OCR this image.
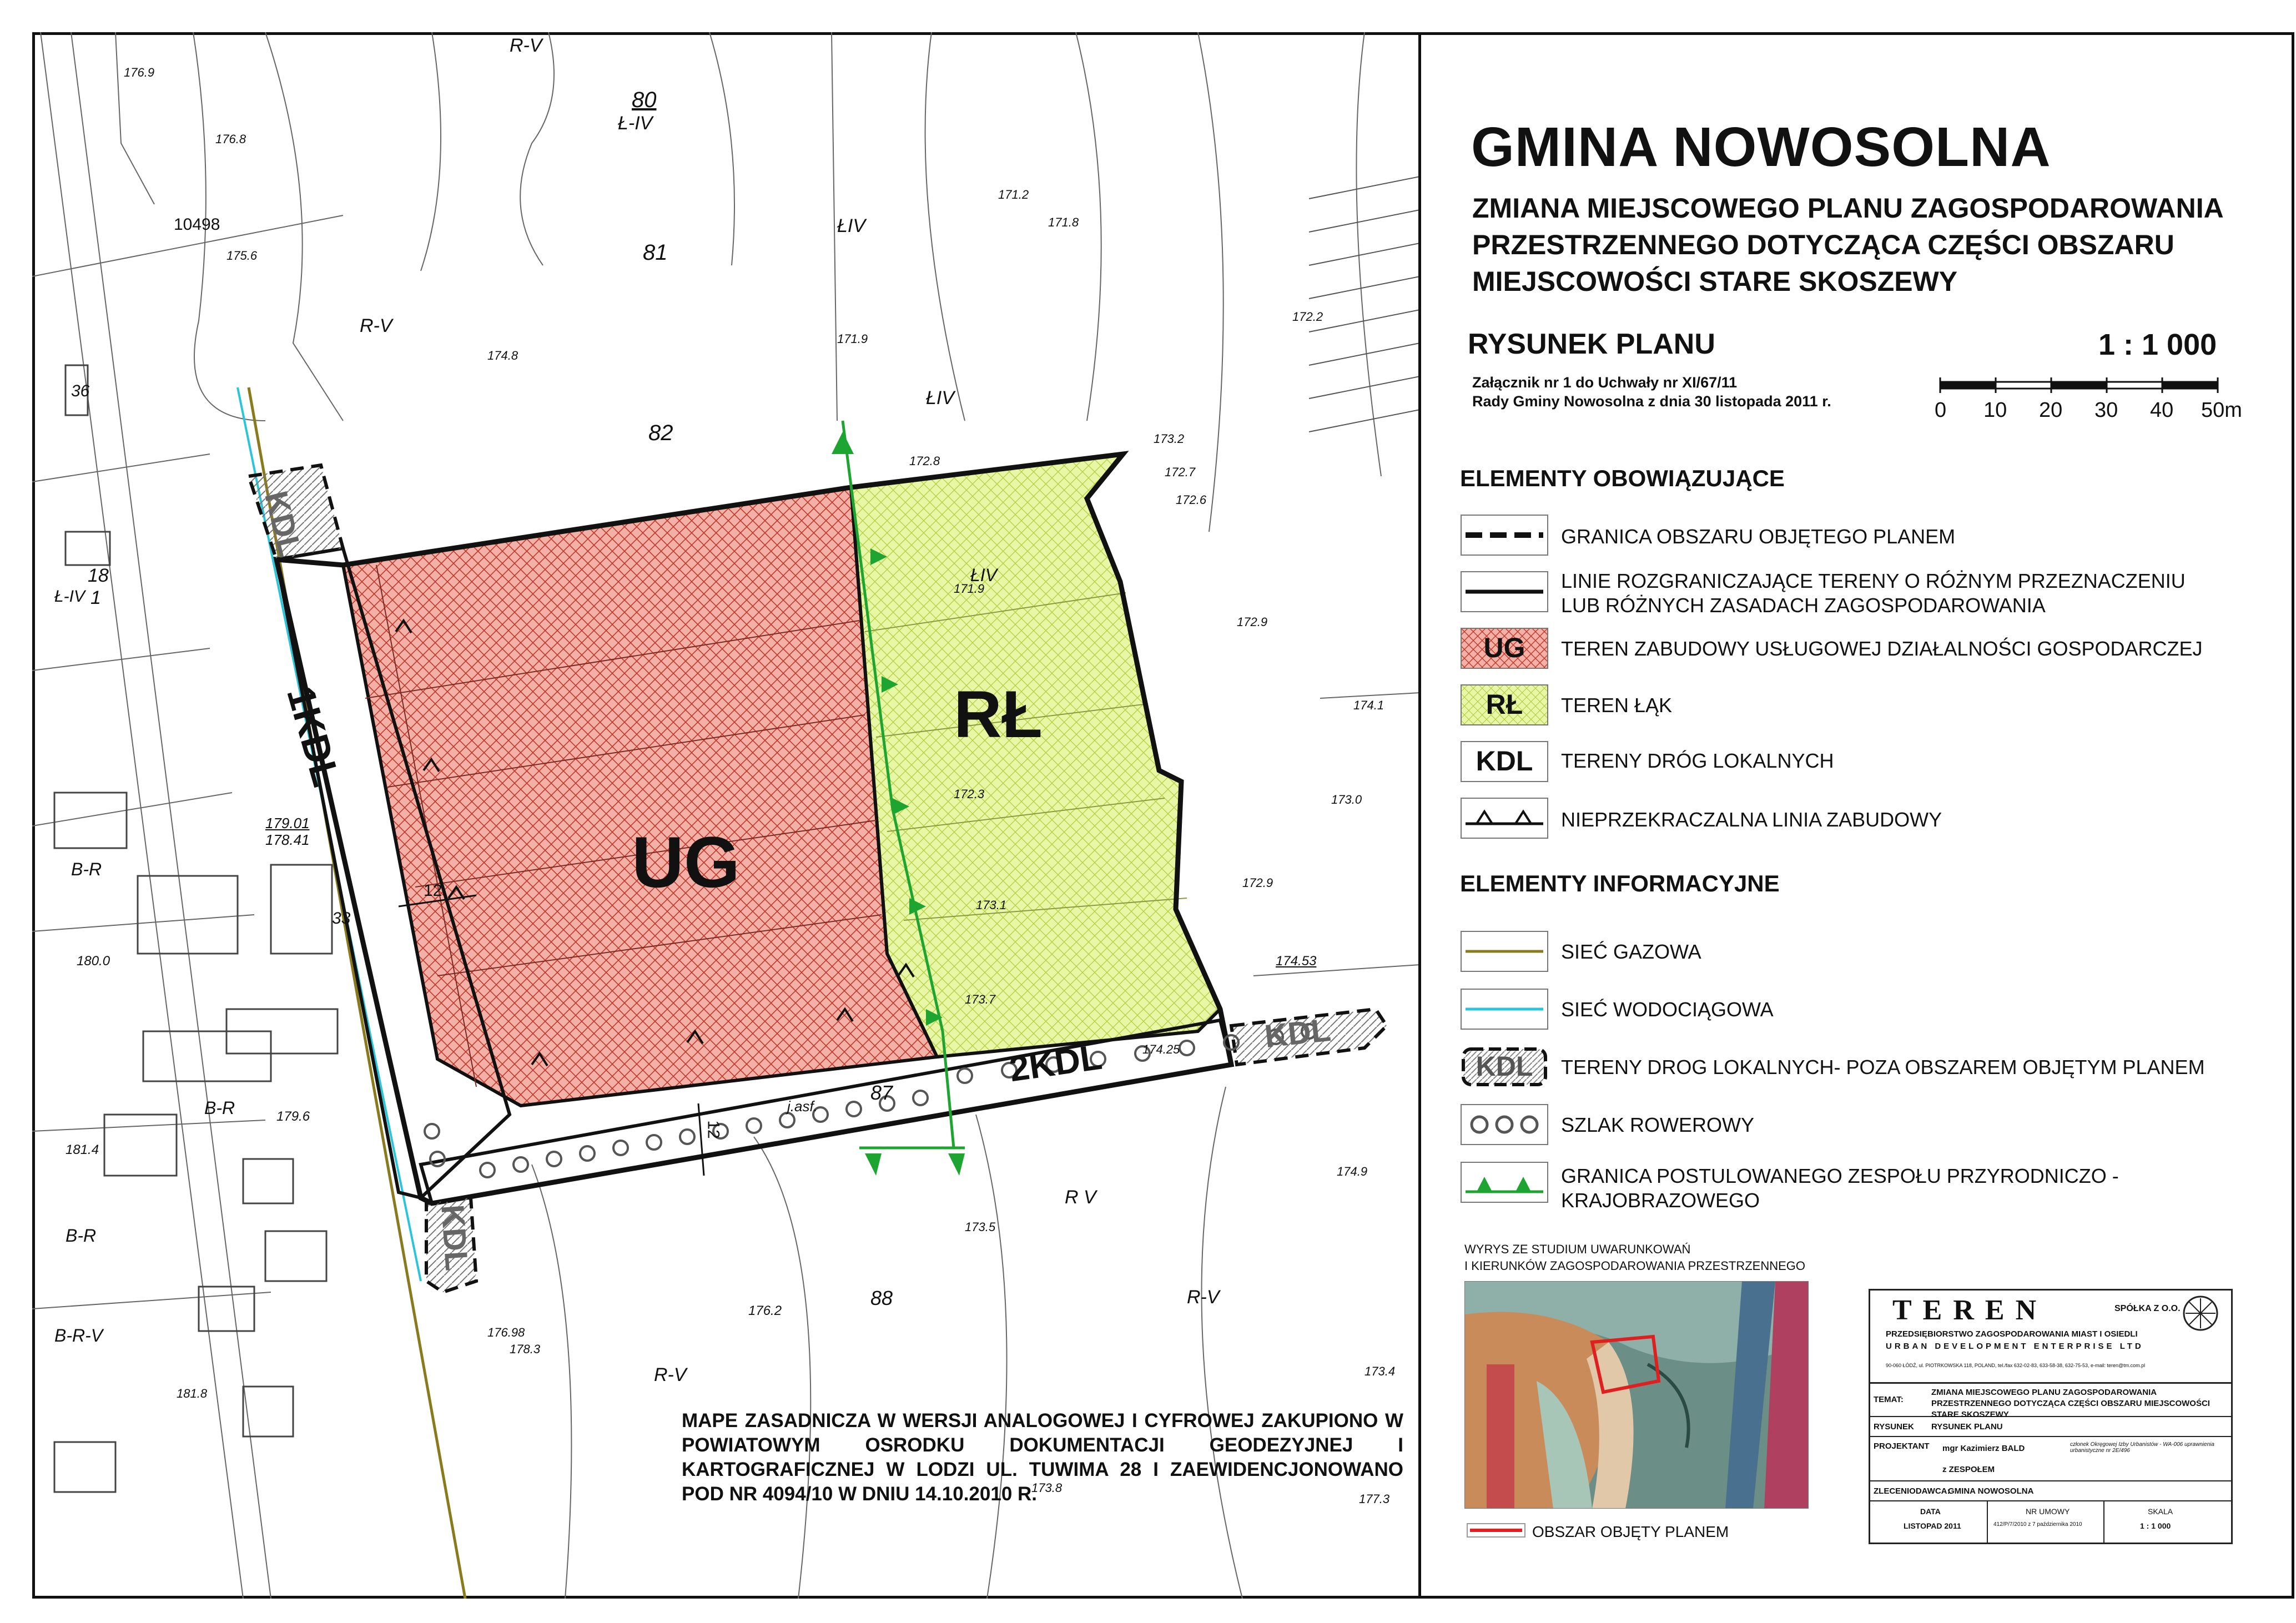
UG
RŁ
1KDL
2KDL
KDL
KDL
KDL
12
12
j.asf.
10498
80
81
82
87
88
18
1
36
33
R-V
Ł-IV
ŁIV
R-V
ŁIV
R V
R-V
R-V
B-R
B-R
B-R
B-R-V
Ł-IV
ŁIV
176.9
176.8
175.6
174.8
171.9
171.8
172.2
173.2
173.0
174.1
172.9
172.8
179.01
178.41
180.0
181.4
179.6
176.2
174.53
174.25
172.9
171.9
173.5
172.3
174.9
173.1
173.7
176.98
178.3
181.8
177.3
173.4
173.8
172.7
172.6
171.2
MAPE ZASADNICZA W WERSJI ANALOGOWEJ I CYFROWEJ ZAKUPIONO W POWIATOWYM OSRODKU DOKUMENTACJI GEODEZYJNEJ I KARTOGRAFICZNEJ W LODZI UL. TUWIMA 28 I ZAEWIDENCJONOWANO POD NR 4094/10 W DNIU 14.10.2010 R.
GMINA NOWOSOLNA
ZMIANA MIEJSCOWEGO PLANU ZAGOSPODAROWANIA
PRZESTRZENNEGO DOTYCZĄCA CZĘŚCI OBSZARU
MIEJSCOWOŚCI STARE SKOSZEWY
RYSUNEK PLANU	1 : 1 000
Załącznik nr 1 do Uchwały nr XI/67/11
Rady Gminy Nowosolna z dnia 30 listopada 2011 r.	0 10 20 30 40 50m
ELEMENTY OBOWIĄZUJĄCE
GRANICA OBSZARU OBJĘTEGO PLANEM
LINIE ROZGRANICZAJĄCE TERENY O RÓŻNYM PRZEZNACZENIU
LUB RÓŻNYCH ZASADACH ZAGOSPODAROWANIA
UG	TEREN ZABUDOWY USŁUGOWEJ DZIAŁALNOŚCI GOSPODARCZEJ
RŁ	TEREN ŁĄK
KDL	TERENY DRÓG LOKALNYCH
NIEPRZEKRACZALNA LINIA ZABUDOWY
ELEMENTY INFORMACYJNE
SIEĆ GAZOWA
SIEĆ WODOCIĄGOWA
KDL	TERENY DROG LOKALNYCH- POZA OBSZAREM OBJĘTYM PLANEM
SZLAK ROWEROWY
GRANICA POSTULOWANEGO ZESPOŁU PRZYRODNICZO -
KRAJOBRAZOWEGO
WYRYS ZE STUDIUM UWARUNKOWAŃ
I KIERUNKÓW ZAGOSPODAROWANIA PRZESTRZENNEGO
OBSZAR OBJĘTY PLANEM
TEREN	SPÓŁKA Z O.O.
PRZEDSIĘBIORSTWO ZAGOSPODAROWANIA MIAST I OSIEDLI
URBAN DEVELOPMENT ENTERPRISE LTD
90-060 ŁÓDŹ, ul. PIOTRKOWSKA 118, POLAND, tel./fax 632-02-83, 633-58-38, 632-75-53, e-mail: teren@tm.com.pl
TEMAT:
ZMIANA MIEJSCOWEGO PLANU ZAGOSPODAROWANIA PRZESTRZENNEGO DOTYCZĄCA CZĘŚCI OBSZARU MIEJSCOWOŚCI STARE SKOSZEWY
RYSUNEK RYSUNEK PLANU
PROJEKTANT mgr Kazimierz BALD	członek Okręgowej Izby Urbanistów - WA-006 uprawnienia urbanistyczne nr 2E/496
z ZESPOŁEM
ZLECENIODAWCA:
GMINA NOWOSOLNA
DATA
LISTOPAD 2011
NR UMOWY
412/P/7/2010 z 7 października 2010
SKALA
1 : 1 000
